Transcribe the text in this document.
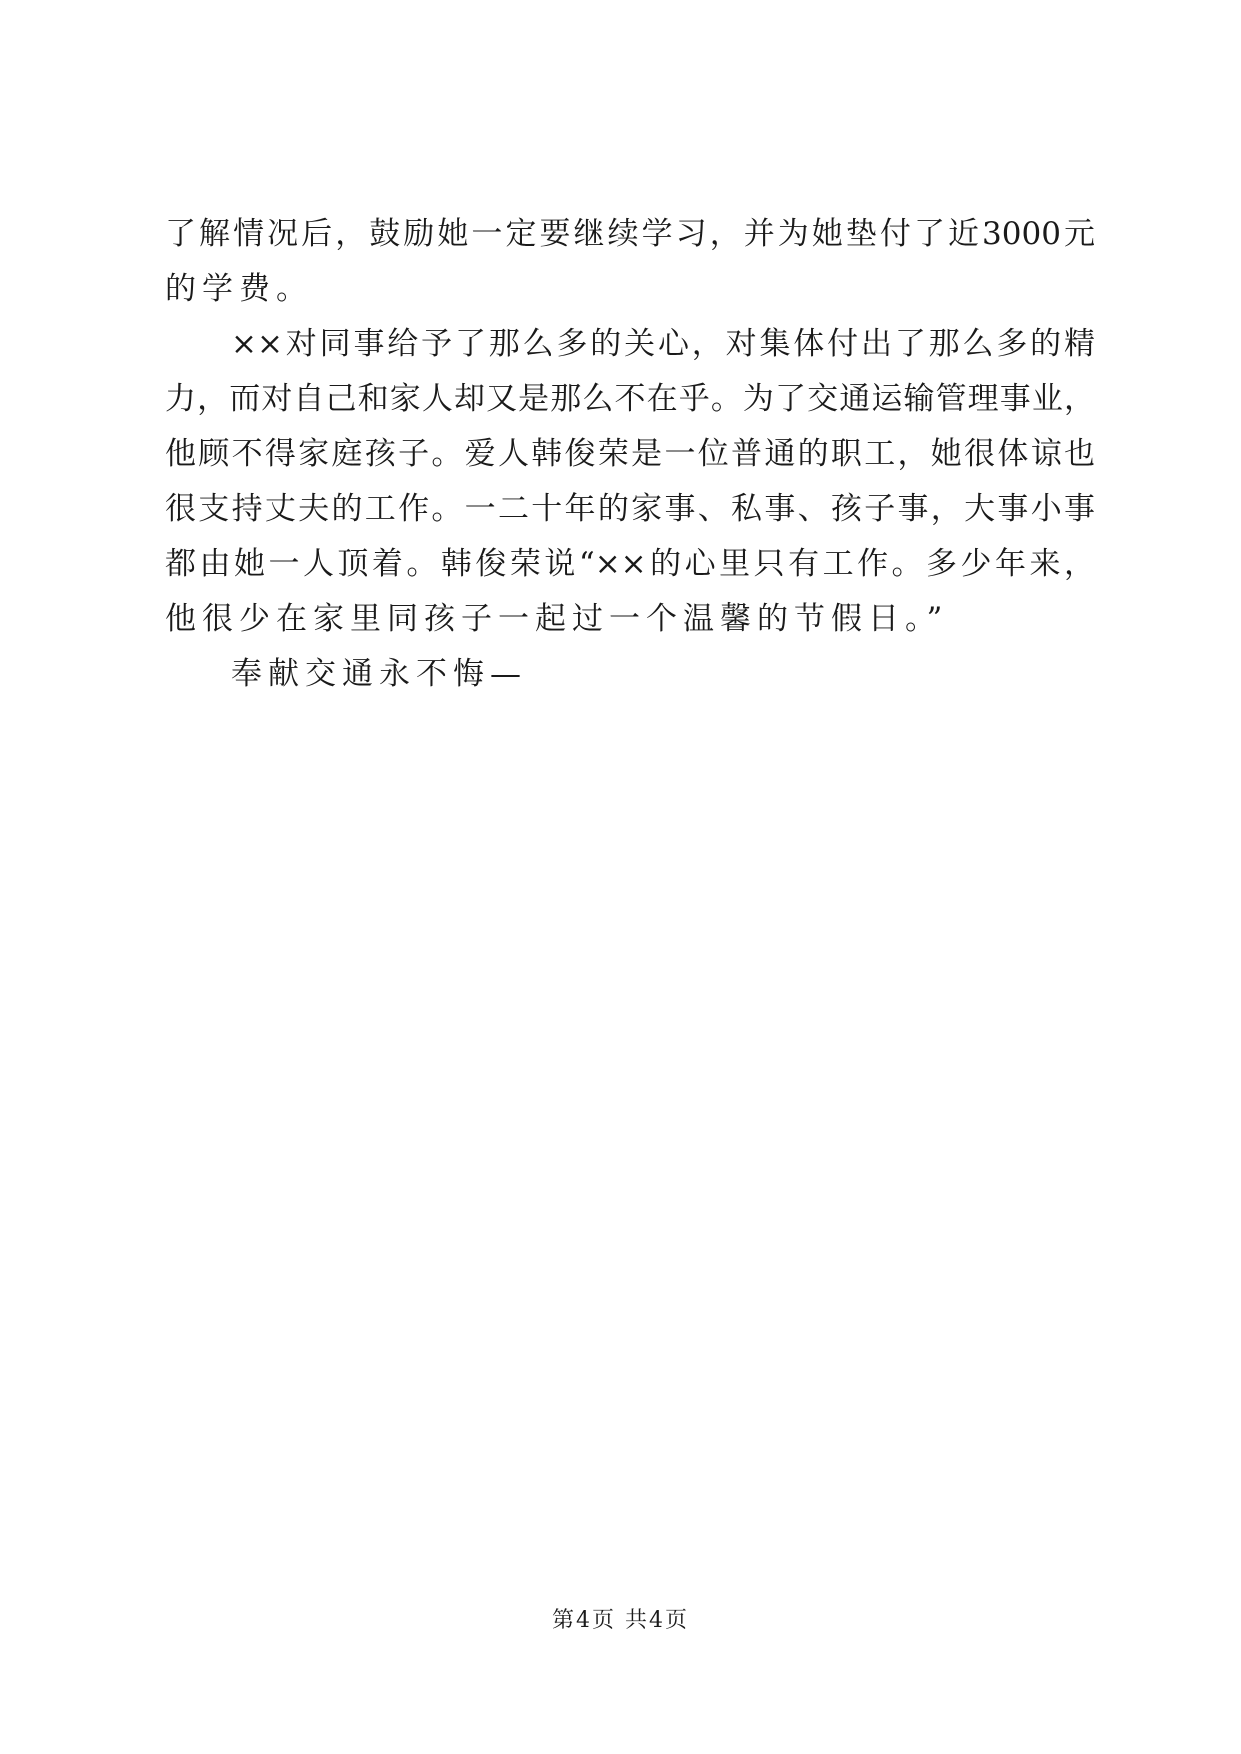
了解情况后，鼓励她一定要继续学习，并为她垫付了近3000元
的学费。
××对同事给予了那么多的关心，对集体付出了那么多的精
力，而对自己和家人却又是那么不在乎。为了交通运输管理事业，
他顾不得家庭孩子。爱人韩俊荣是一位普通的职工，她很体谅也
很支持丈夫的工作。一二十年的家事、私事、孩子事，大事小事
都由她一人顶着。韩俊荣说“××的心里只有工作。多少年来，
他很少在家里同孩子一起过一个温馨的节假日。”
奉献交通永不悔—
第4页 共4页
